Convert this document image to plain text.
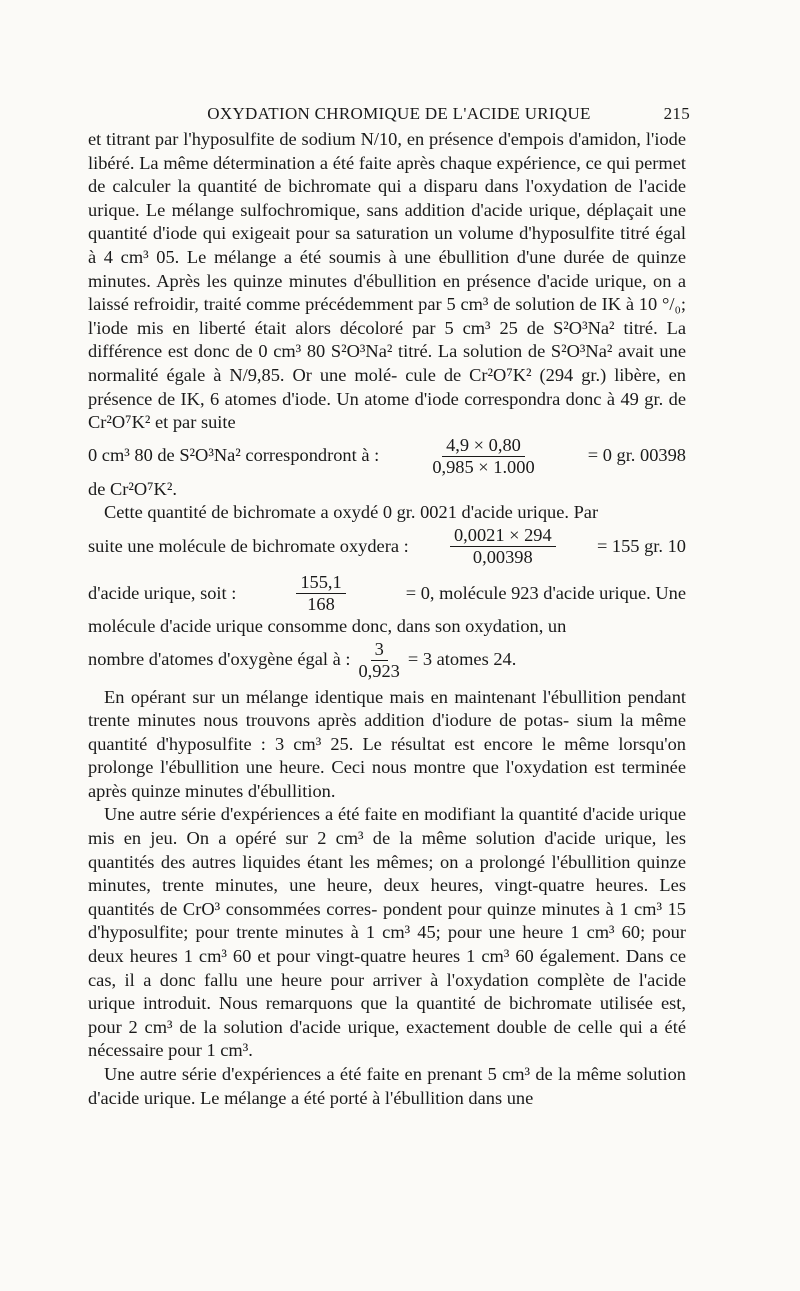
OXYDATION CHROMIQUE DE L'ACIDE URIQUE	215

et titrant par l'hyposulfite de sodium N/10, en présence d'empois d'amidon, l'iode libéré. La même détermination a été faite après chaque expérience, ce qui permet de calculer la quantité de bichromate qui a disparu dans l'oxydation de l'acide urique. Le mélange sulfochromique, sans addition d'acide urique, déplaçait une quantité d'iode qui exigeait pour sa saturation un volume d'hyposulfite titré égal à 4 cm³ 05. Le mélange a été soumis à une ébullition d'une durée de quinze minutes. Après les quinze minutes d'ébullition en présence d'acide urique, on a laissé refroidir, traité comme précédemment par 5 cm³ de solution de IK à 10 °/₀; l'iode mis en liberté était alors décoloré par 5 cm³ 25 de S²O³Na² titré. La différence est donc de 0 cm³ 80 S²O³Na² titré. La solution de S²O³Na² avait une normalité égale à N/9,85. Or une molé- cule de Cr²O⁷K² (294 gr.) libère, en présence de IK, 6 atomes d'iode. Un atome d'iode correspondra donc à 49 gr. de Cr²O⁷K² et par suite

0 cm³ 80 de S²O³Na² correspondront à :	$\frac{4,9 \times 0,80}{0,985 \times 1.000}$	= 0 gr. 00398

de Cr²O⁷K².

Cette quantité de bichromate a oxydé 0 gr. 0021 d'acide urique. Par

suite une molécule de bichromate oxydera : $\frac{0,0021 \times 294}{0,00398} = 155$ gr. 10
d'acide urique, soit :	$\frac{155,1}{168}$	= 0, molécule 923 d'acide urique. Une

molécule d'acide urique consomme donc, dans son oxydation, un

nombre d'atomes d'oxygène égal à : $\frac{3}{0,923} = 3$ atomes 24.

En opérant sur un mélange identique mais en maintenant l'ébullition pendant trente minutes nous trouvons après addition d'iodure de potas- sium la même quantité d'hyposulfite : 3 cm³ 25. Le résultat est encore le même lorsqu'on prolonge l'ébullition une heure. Ceci nous montre que l'oxydation est terminée après quinze minutes d'ébullition.

Une autre série d'expériences a été faite en modifiant la quantité d'acide urique mis en jeu. On a opéré sur 2 cm³ de la même solution d'acide urique, les quantités des autres liquides étant les mêmes; on a prolongé l'ébullition quinze minutes, trente minutes, une heure, deux heures, vingt-quatre heures. Les quantités de CrO³ consommées corres- pondent pour quinze minutes à 1 cm³ 15 d'hyposulfite; pour trente minutes à 1 cm³ 45; pour une heure 1 cm³ 60; pour deux heures 1 cm³ 60 et pour vingt-quatre heures 1 cm³ 60 également. Dans ce cas, il a donc fallu une heure pour arriver à l'oxydation complète de l'acide urique introduit. Nous remarquons que la quantité de bichromate utilisée est, pour 2 cm³ de la solution d'acide urique, exactement double de celle qui a été nécessaire pour 1 cm³.

Une autre série d'expériences a été faite en prenant 5 cm³ de la même solution d'acide urique. Le mélange a été porté à l'ébullition dans une
